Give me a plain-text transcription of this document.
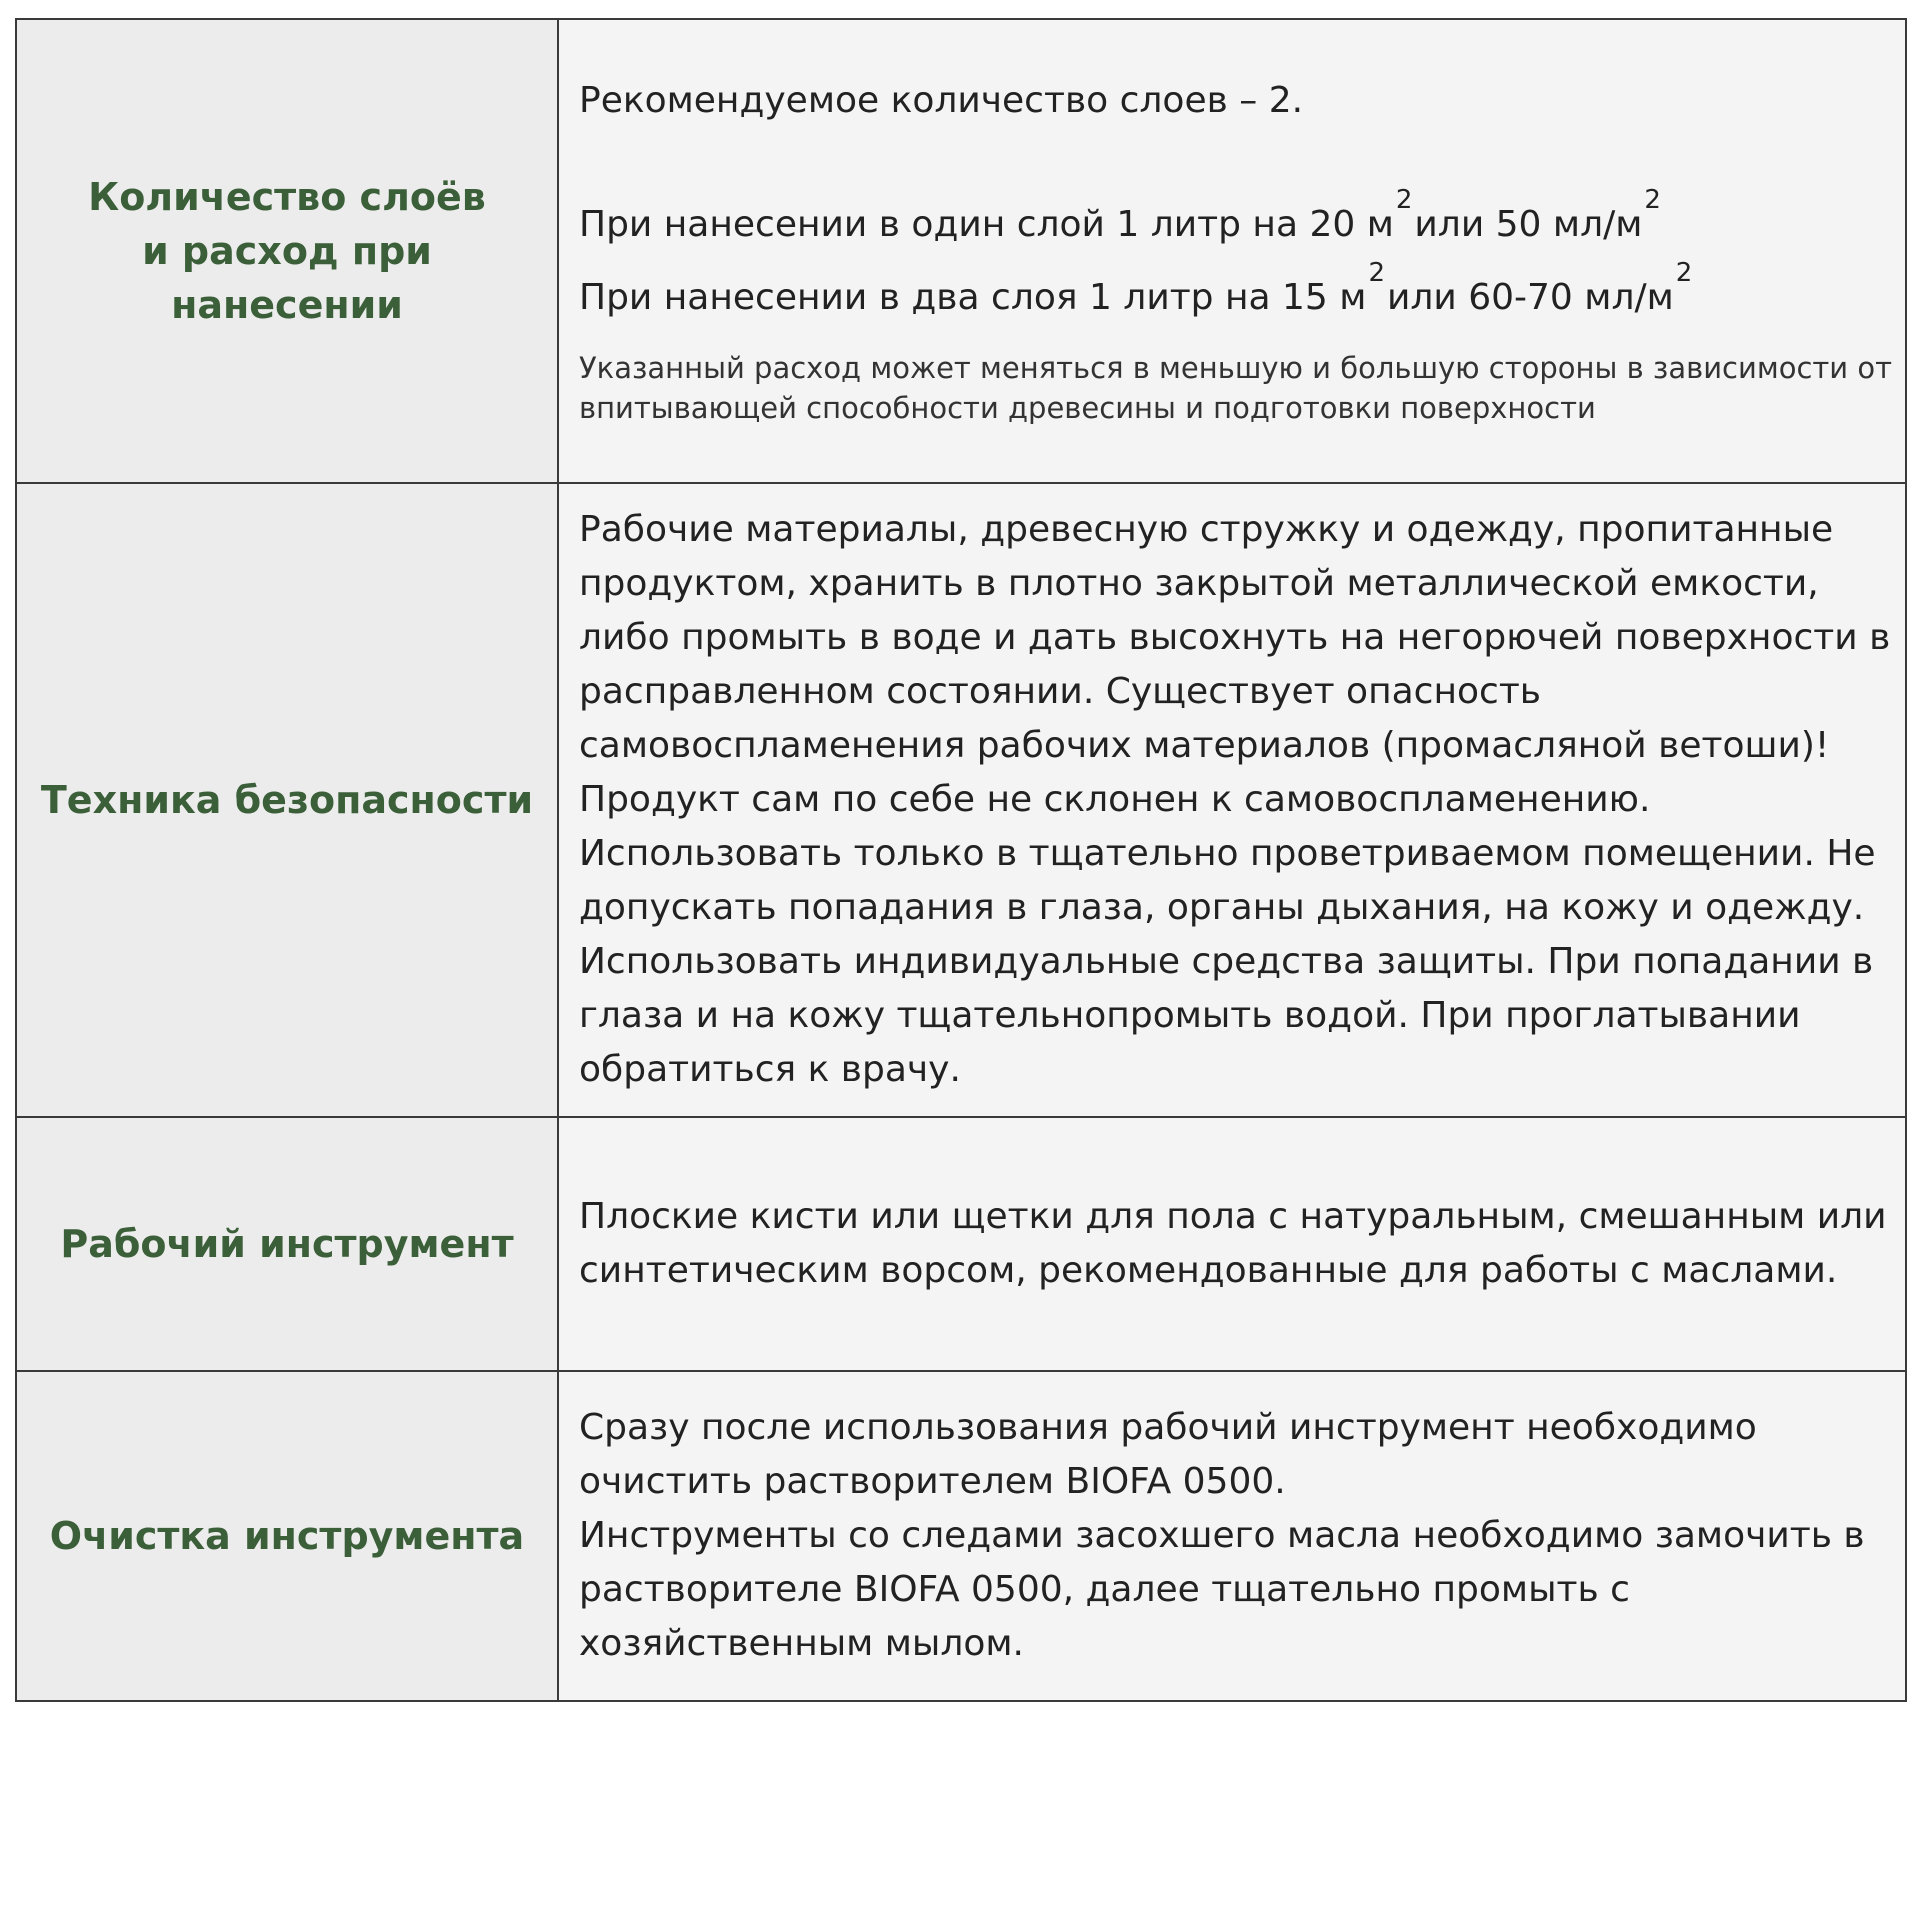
Количество слоёв
и расход при нанесении	Рекомендуемое количество слоев – 2.
При нанесении в один слой 1 литр на 20 $м^2или$ 50 $мл/м^2$
При нанесении в два слоя 1 литр на 15 $м^2или$ 60-70 $мл/м^2$
Указанный расход может меняться в меньшую и большую стороны в зависимости от впитывающей способности древесины и подготовки поверхности

Техника безопасности	Рабочие материалы, древесную стружку и одежду, пропитанные продуктом, хранить в плотно закрытой металлической емкости, либо промыть в воде и дать высохнуть на негорючей поверхности в расправленном состоянии. Существует опасность самовоспламенения рабочих материалов (промасляной ветоши)! Продукт сам по себе не склонен к самовоспламенению.
Использовать только в тщательно проветриваемом помещении. Не допускать попадания в глаза, органы дыхания, на кожу и одежду. Использовать индивидуальные средства защиты. При попадании в глаза и на кожу тщательнопромыть водой. При проглатывании обратиться к врачу.

Рабочий инструмент	Плоские кисти или щетки для пола с натуральным, смешанным или синтетическим ворсом, рекомендованные для работы с маслами.

Очистка инструмента	Сразу после использования рабочий инструмент необходимо очистить растворителем BIOFA 0500.
Инструменты со следами засохшего масла необходимо замочить в растворителе BIOFA 0500, далее тщательно промыть с хозяйственным мылом.
